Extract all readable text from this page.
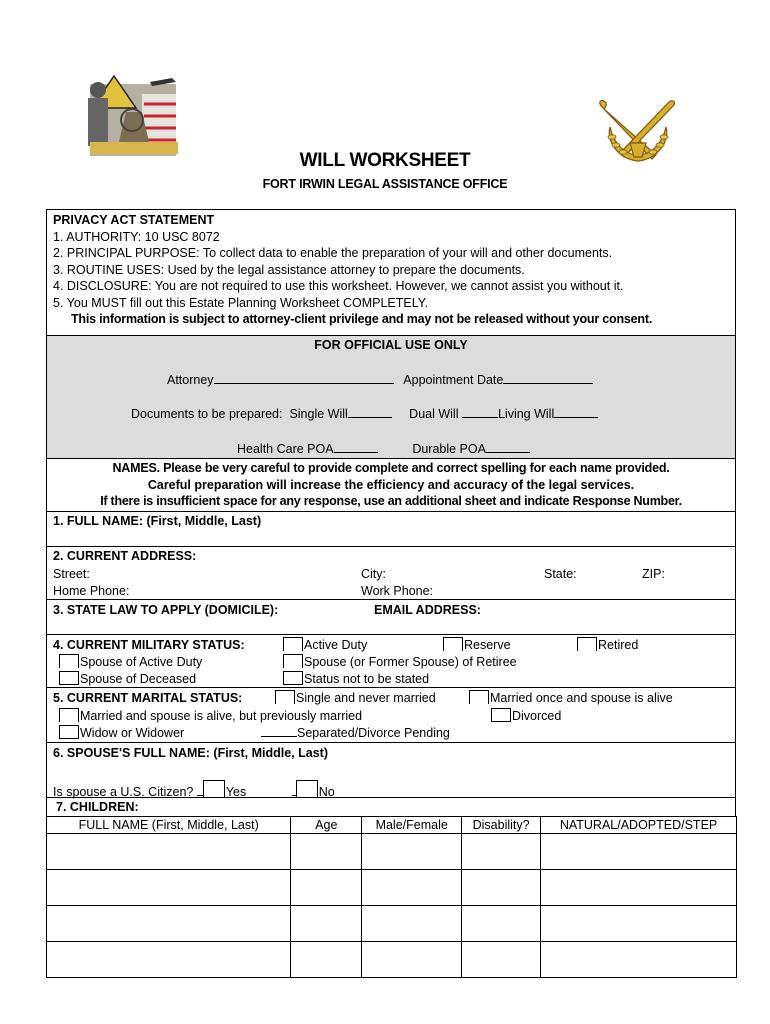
WILL WORKSHEET
FORT IRWIN LEGAL ASSISTANCE OFFICE
PRIVACY ACT STATEMENT
1. AUTHORITY: 10 USC 8072
2. PRINCIPAL PURPOSE: To collect data to enable the preparation of your will and other documents.
3. ROUTINE USES: Used by the legal assistance attorney to prepare the documents.
4. DISCLOSURE: You are not required to use this worksheet. However, we cannot assist you without it.
5. You MUST fill out this Estate Planning Worksheet COMPLETELY.
This information is subject to attorney-client privilege and may not be released without your consent.
FOR OFFICIAL USE ONLY
Attorney	Appointment Date
Documents to be prepared: Single Will	Dual Will	Living Will
Health Care POA	Durable POA
NAMES. Please be very careful to provide complete and correct spelling for each name provided.
Careful preparation will increase the efficiency and accuracy of the legal services.
If there is insufficient space for any response, use an additional sheet and indicate Response Number.
1. FULL NAME: (First, Middle, Last)
2. CURRENT ADDRESS:
Street:	City:	State:	ZIP:
Home Phone:	Work Phone:
3. STATE LAW TO APPLY (DOMICILE):	EMAIL ADDRESS:
4. CURRENT MILITARY STATUS:	Active Duty	Reserve	Retired
Spouse of Active Duty	Spouse (or Former Spouse) of Retiree
Spouse of Deceased	Status not to be stated
5. CURRENT MARITAL STATUS:	Single and never married	Married once and spouse is alive
Married and spouse is alive, but previously married	Divorced
Widow or Widower	Separated/Divorce Pending
6. SPOUSE'S FULL NAME: (First, Middle, Last)
Is spouse a U.S. Citizen?	Yes	No
7. CHILDREN:
FULL NAME (First, Middle, Last)	Age	Male/Female	Disability?	NATURAL/ADOPTED/STEP
